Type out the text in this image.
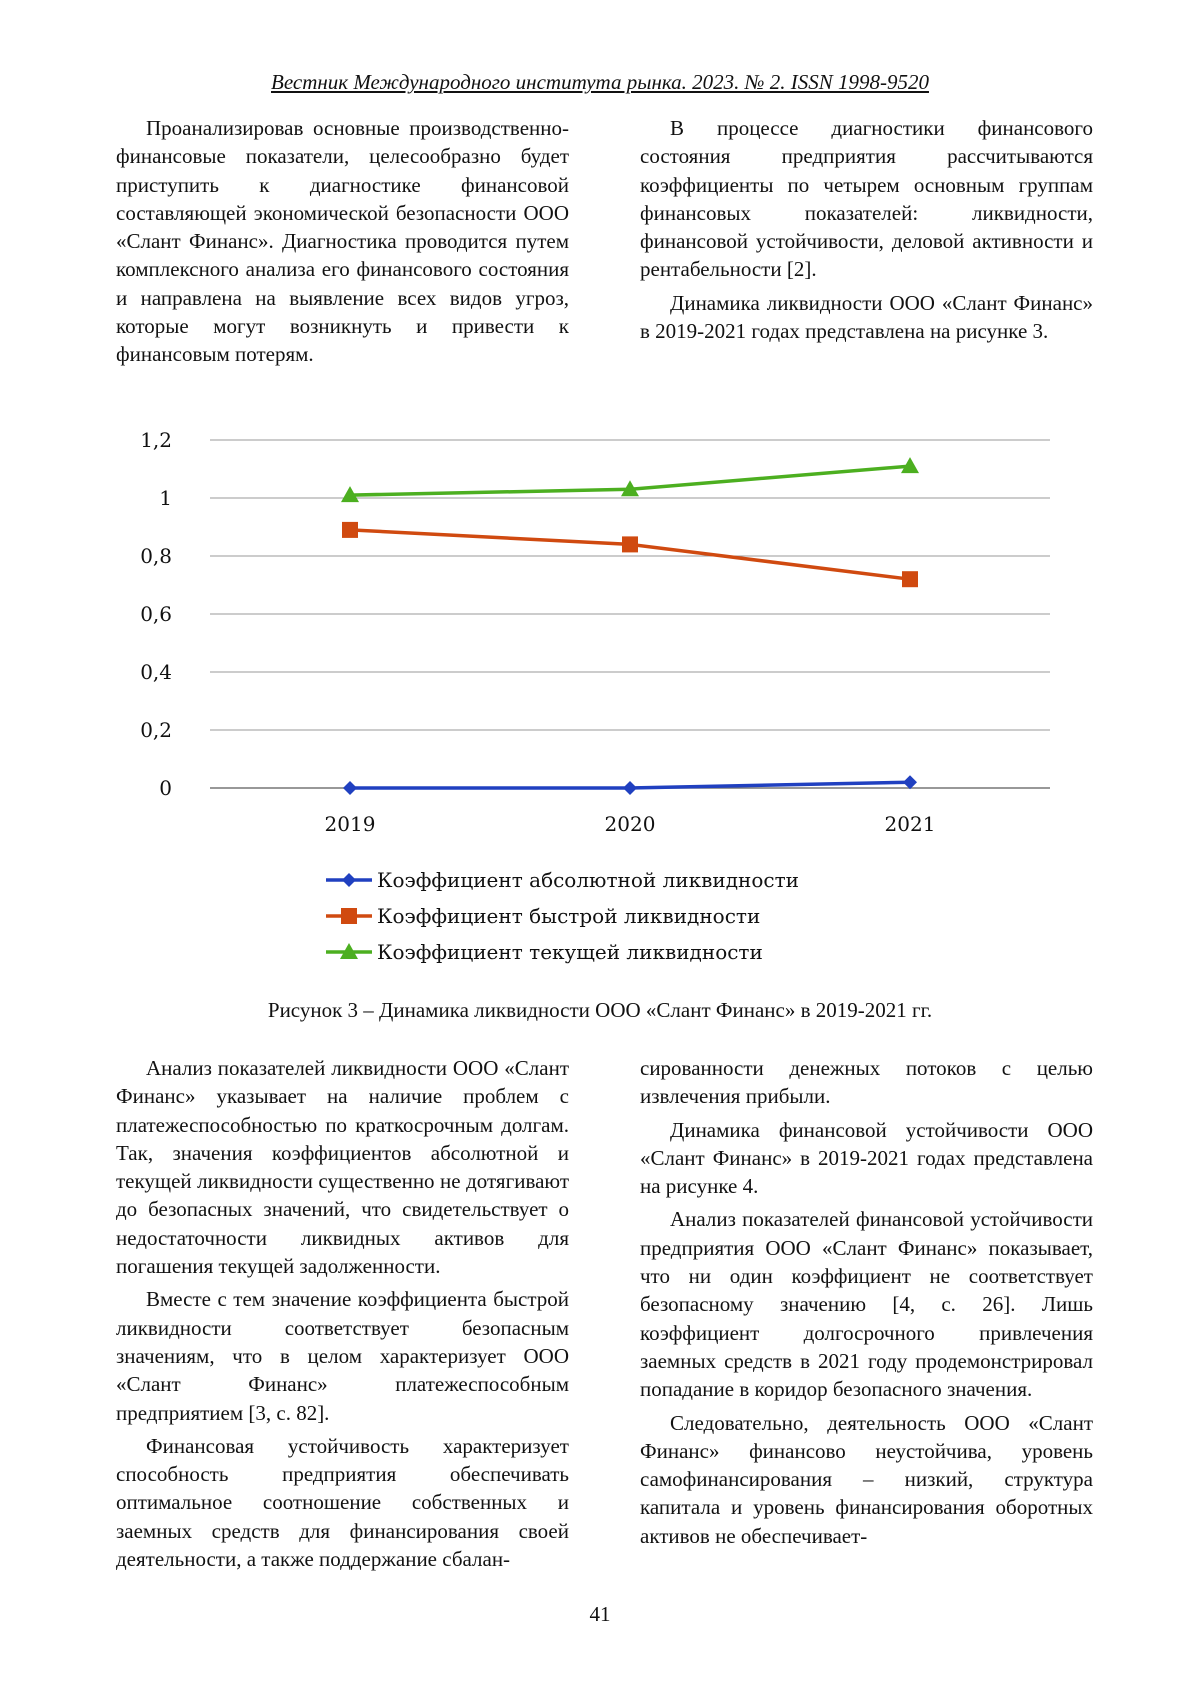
Вестник Международного института рынка. 2023. № 2. ISSN 1998-9520

Проанализировав основные производственно-финансовые показатели, целесообразно будет приступить к диагностике финансовой составляющей экономической безопасности ООО «Слант Финанс». Диагностика проводится путем комплексного анализа его финансового состояния и направлена на выявление всех видов угроз, которые могут возникнуть и привести к финансовым потерям.

В процессе диагностики финансового состояния предприятия рассчитываются коэффициенты по четырем основным группам финансовых показателей: ликвидности, финансовой устойчивости, деловой активности и рентабельности [2].

Динамика ликвидности ООО «Слант Финанс» в 2019-2021 годах представлена на рисунке 3.

0
0,2
0,4
0,6
0,8
1
1,2
2019	2020	2021
Коэффициент абсолютной ликвидности
Коэффициент быстрой ликвидности
Коэффициент текущей ликвидности
Рисунок 3 – Динамика ликвидности ООО «Слант Финанс» в 2019-2021 гг.

Анализ показателей ликвидности ООО «Слант Финанс» указывает на наличие проблем с платежеспособностью по краткосрочным долгам. Так, значения коэффициентов абсолютной и текущей ликвидности существенно не дотягивают до безопасных значений, что свидетельствует о недостаточности ликвидных активов для погашения текущей задолженности.

Вместе с тем значение коэффициента быстрой ликвидности соответствует безопасным значениям, что в целом характеризует ООО «Слант Финанс» платежеспособным предприятием [3, с. 82].

Финансовая устойчивость характеризует способность предприятия обеспечивать оптимальное соотношение собственных и заемных средств для финансирования своей деятельности, а также поддержание сбалан-

сированности денежных потоков с целью извлечения прибыли.

Динамика финансовой устойчивости ООО «Слант Финанс» в 2019-2021 годах представлена на рисунке 4.

Анализ показателей финансовой устойчивости предприятия ООО «Слант Финанс» показывает, что ни один коэффициент не соответствует безопасному значению [4, с. 26]. Лишь коэффициент долгосрочного привлечения заемных средств в 2021 году продемонстрировал попадание в коридор безопасного значения.

Следовательно, деятельность ООО «Слант Финанс» финансово неустойчива, уровень самофинансирования – низкий, структура капитала и уровень финансирования оборотных активов не обеспечивает-

41
